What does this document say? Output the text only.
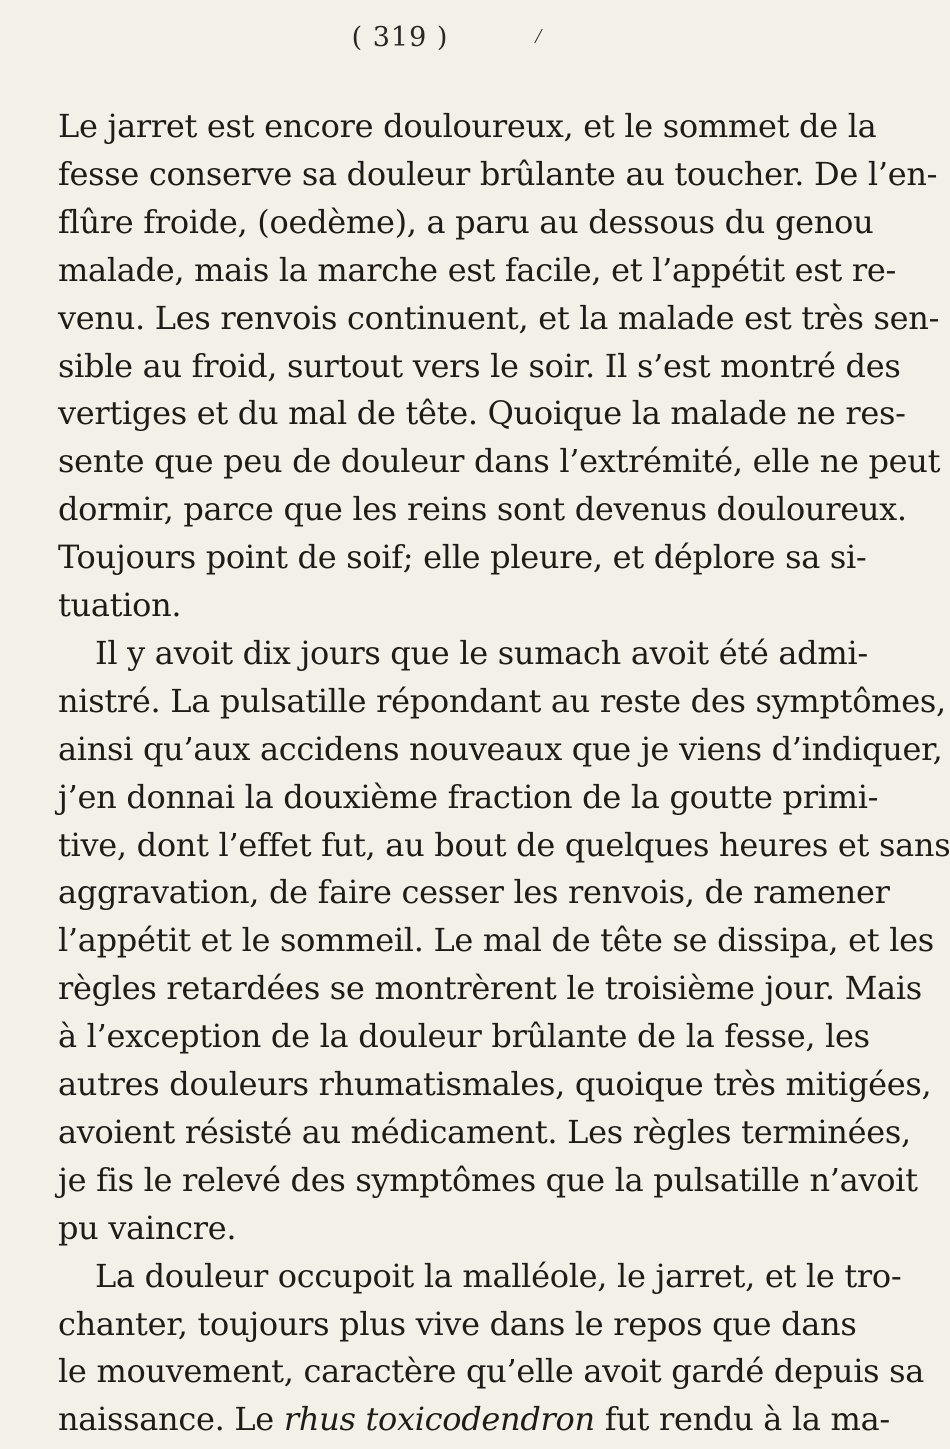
( 319 )
Le jarret est encore douloureux, et le sommet de la
fesse conserve sa douleur brûlante au toucher. De l’en-
flûre froide, (oedème), a paru au dessous du genou
malade, mais la marche est facile, et l’appétit est re-
venu. Les renvois continuent, et la malade est très sen-
sible au froid, surtout vers le soir. Il s’est montré des
vertiges et du mal de tête. Quoique la malade ne res-
sente que peu de douleur dans l’extrémité, elle ne peut
dormir, parce que les reins sont devenus douloureux.
Toujours point de soif; elle pleure, et déplore sa si-
tuation.
Il y avoit dix jours que le sumach avoit été admi-
nistré. La pulsatille répondant au reste des symptômes,
ainsi qu’aux accidens nouveaux que je viens d’indiquer,
j’en donnai la douxième fraction de la goutte primi-
tive, dont l’effet fut, au bout de quelques heures et sans
aggravation, de faire cesser les renvois, de ramener
l’appétit et le sommeil. Le mal de tête se dissipa, et les
règles retardées se montrèrent le troisième jour. Mais
à l’exception de la douleur brûlante de la fesse, les
autres douleurs rhumatismales, quoique très mitigées,
avoient résisté au médicament. Les règles terminées,
je fis le relevé des symptômes que la pulsatille n’avoit
pu vaincre.
La douleur occupoit la malléole, le jarret, et le tro-
chanter, toujours plus vive dans le repos que dans
le mouvement, caractère qu’elle avoit gardé depuis sa
naissance. Le rhus toxicodendron fut rendu à la ma-
